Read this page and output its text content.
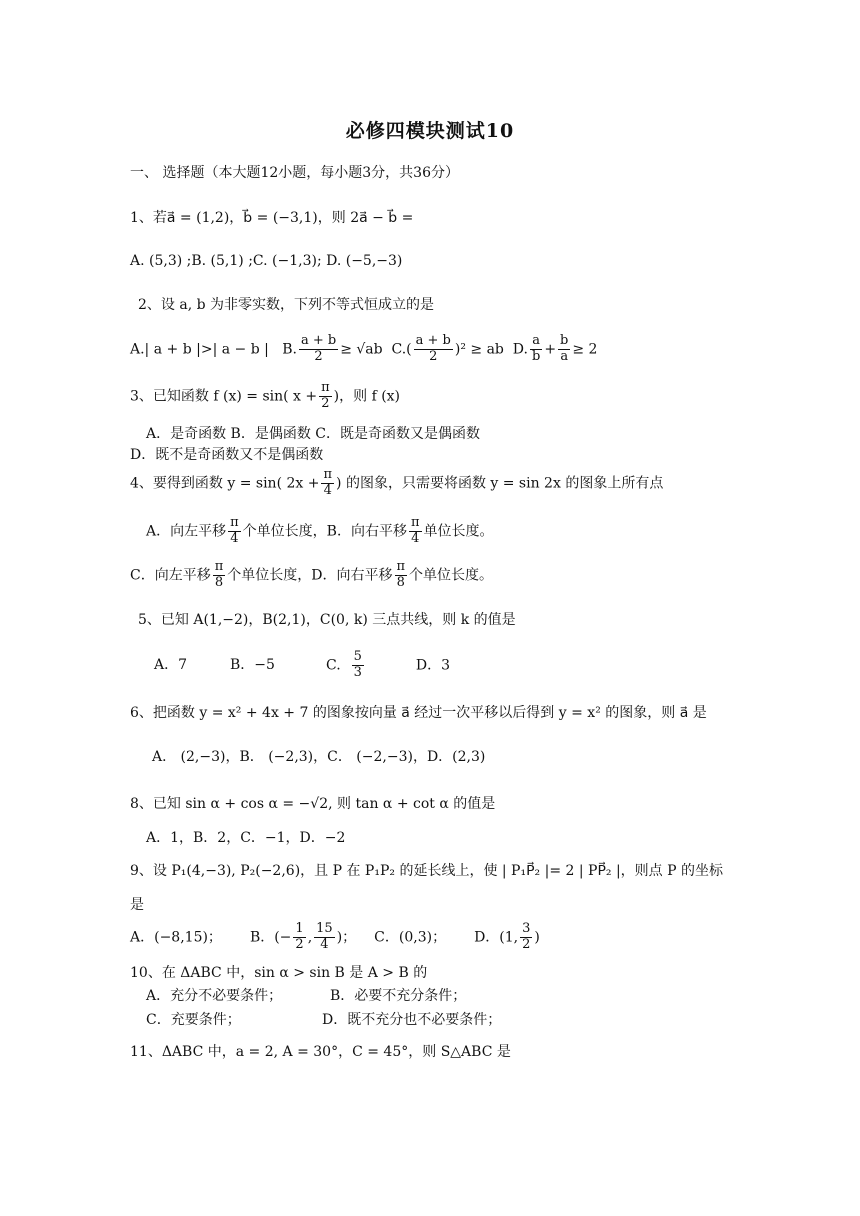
必修四模块测试10
一、 选择题（本大题12小题，每小题3分，共36分）
1、若a⃗ = (1,2)，b⃗ = (−3,1)，则 2a⃗ − b⃗ =
A. (5,3) ;B. (5,1) ;C. (−1,3); D. (−5,−3)
2、设 a, b 为非零实数，下列不等式恒成立的是
A.| a + b |>| a − b | B. $\frac{a + b}{2} \ge √ab$ $C.( \frac{a + b}{2} )^2$ ≥ ab D. $\frac{a}{b} + \frac{b}{a} \ge 2$
3、已知函数 f (x) = sin( $x + \frac{\pi}{2}$ )，则 f (x)
A．是奇函数 B．是偶函数 C．既是奇函数又是偶函数
D．既不是奇函数又不是偶函数
4、要得到函数 y = sin( $2x + \frac{\pi}{4}$ ) 的图象，只需要将函数 y = sin 2x 的图象上所有点
A．向左平移 $\frac{\pi}{4}$ 个单位长度，B．向右平移 $\frac{\pi}{4}$ 单位长度。
C．向左平移 $\frac{\pi}{8}$ 个单位长度，D．向右平移 $\frac{\pi}{8}$ 个单位长度。
5、已知 A(1,−2)，B(2,1)，C(0, k) 三点共线，则 k 的值是
A．7	B．−5	C. $\frac{5}{3}$	D．3
6、把函数 y = x² + 4x + 7 的图象按向量 a⃗ 经过一次平移以后得到 y = x² 的图象，则 a⃗ 是
A． (2,−3)，B． (−2,3)，C． (−2,−3)，D．(2,3)
8、已知 sin α + cos α = −√2, 则 tan α + cot α 的值是
A．1，B．2，C．−1，D．−2
9、设 P₁(4,−3), P₂(−2,6)，且 P 在 P₁P₂ 的延长线上，使 | P₁P⃗₂ |= 2 | PP⃗₂ |，则点 P 的坐标
是
A．(−8,15)； B．(− $\frac{1}{2}$ , $\frac{15}{4}$ )； C．(0,3)； D．(1, $\frac{3}{2}$ )
10、在 ΔABC 中，sin α > sin B 是 A > B 的
A．充分不必要条件；	B．必要不充分条件；
C．充要条件；	D．既不充分也不必要条件；
11、ΔABC 中，a = 2, A = 30°，C = 45°，则 S△ABC 是
